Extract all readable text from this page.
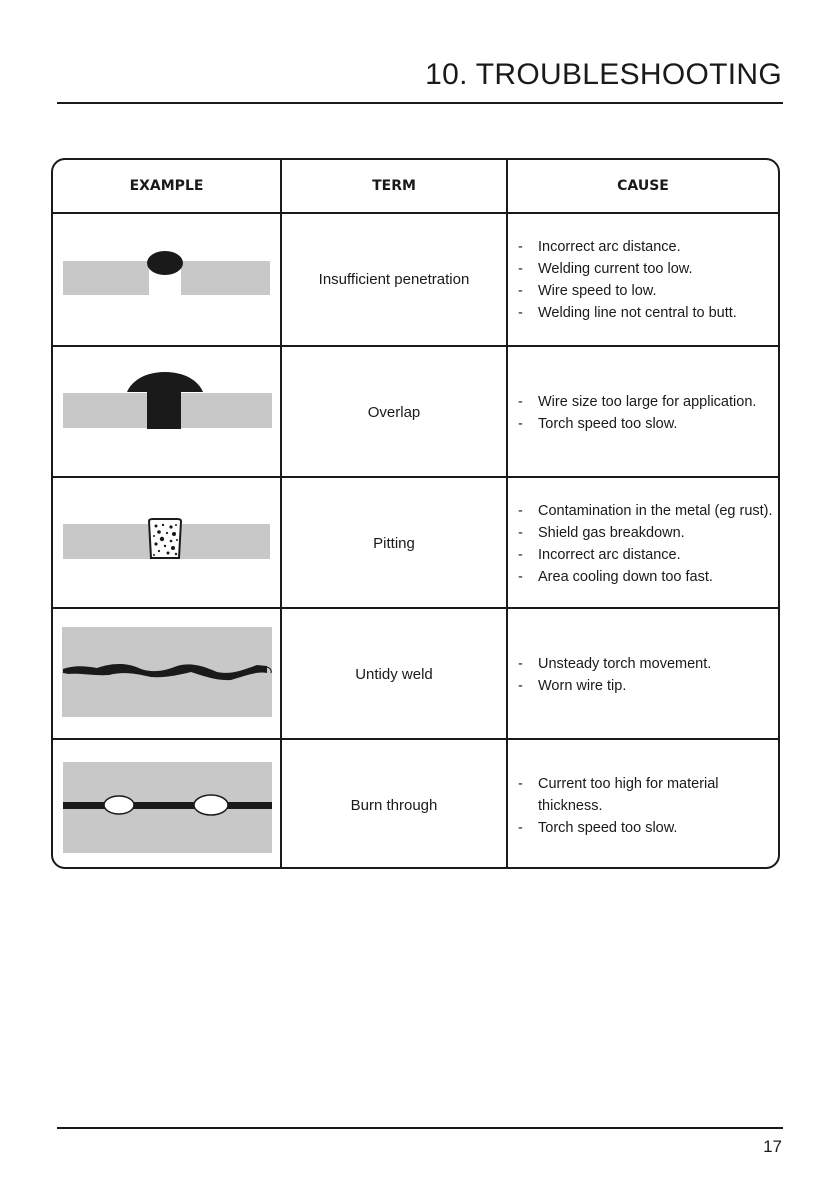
10. TROUBLESHOOTING
EXAMPLE	TERM	CAUSE
Insufficient penetration
- Incorrect arc distance.
- Welding current too low.
- Wire speed to low.
- Welding line not central to butt.
Overlap
- Wire size too large for application.
- Torch speed too slow.
Pitting
- Contamination in the metal (eg rust).
- Shield gas breakdown.
- Incorrect arc distance.
- Area cooling down too fast.
Untidy weld
- Unsteady torch movement.
- Worn wire tip.
Burn through
- Current too high for material thickness.
- Torch speed too slow.
17
